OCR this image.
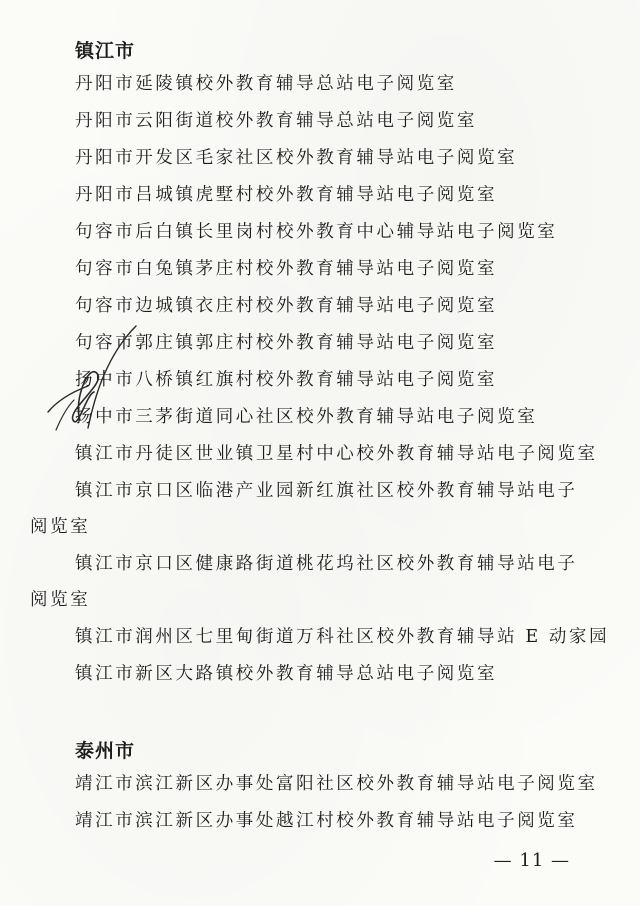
镇江市
丹阳市延陵镇校外教育辅导总站电子阅览室
丹阳市云阳街道校外教育辅导总站电子阅览室
丹阳市开发区毛家社区校外教育辅导站电子阅览室
丹阳市吕城镇虎墅村校外教育辅导站电子阅览室
句容市后白镇长里岗村校外教育中心辅导站电子阅览室
句容市白兔镇茅庄村校外教育辅导站电子阅览室
句容市边城镇衣庄村校外教育辅导站电子阅览室
句容市郭庄镇郭庄村校外教育辅导站电子阅览室
扬中市八桥镇红旗村校外教育辅导站电子阅览室
扬中市三茅街道同心社区校外教育辅导站电子阅览室
镇江市丹徒区世业镇卫星村中心校外教育辅导站电子阅览室
镇江市京口区临港产业园新红旗社区校外教育辅导站电子
阅览室
镇江市京口区健康路街道桃花坞社区校外教育辅导站电子
阅览室
镇江市润州区七里甸街道万科社区校外教育辅导站 E 动家园
镇江市新区大路镇校外教育辅导总站电子阅览室
泰州市
靖江市滨江新区办事处富阳社区校外教育辅导站电子阅览室
靖江市滨江新区办事处越江村校外教育辅导站电子阅览室
— 11 —
